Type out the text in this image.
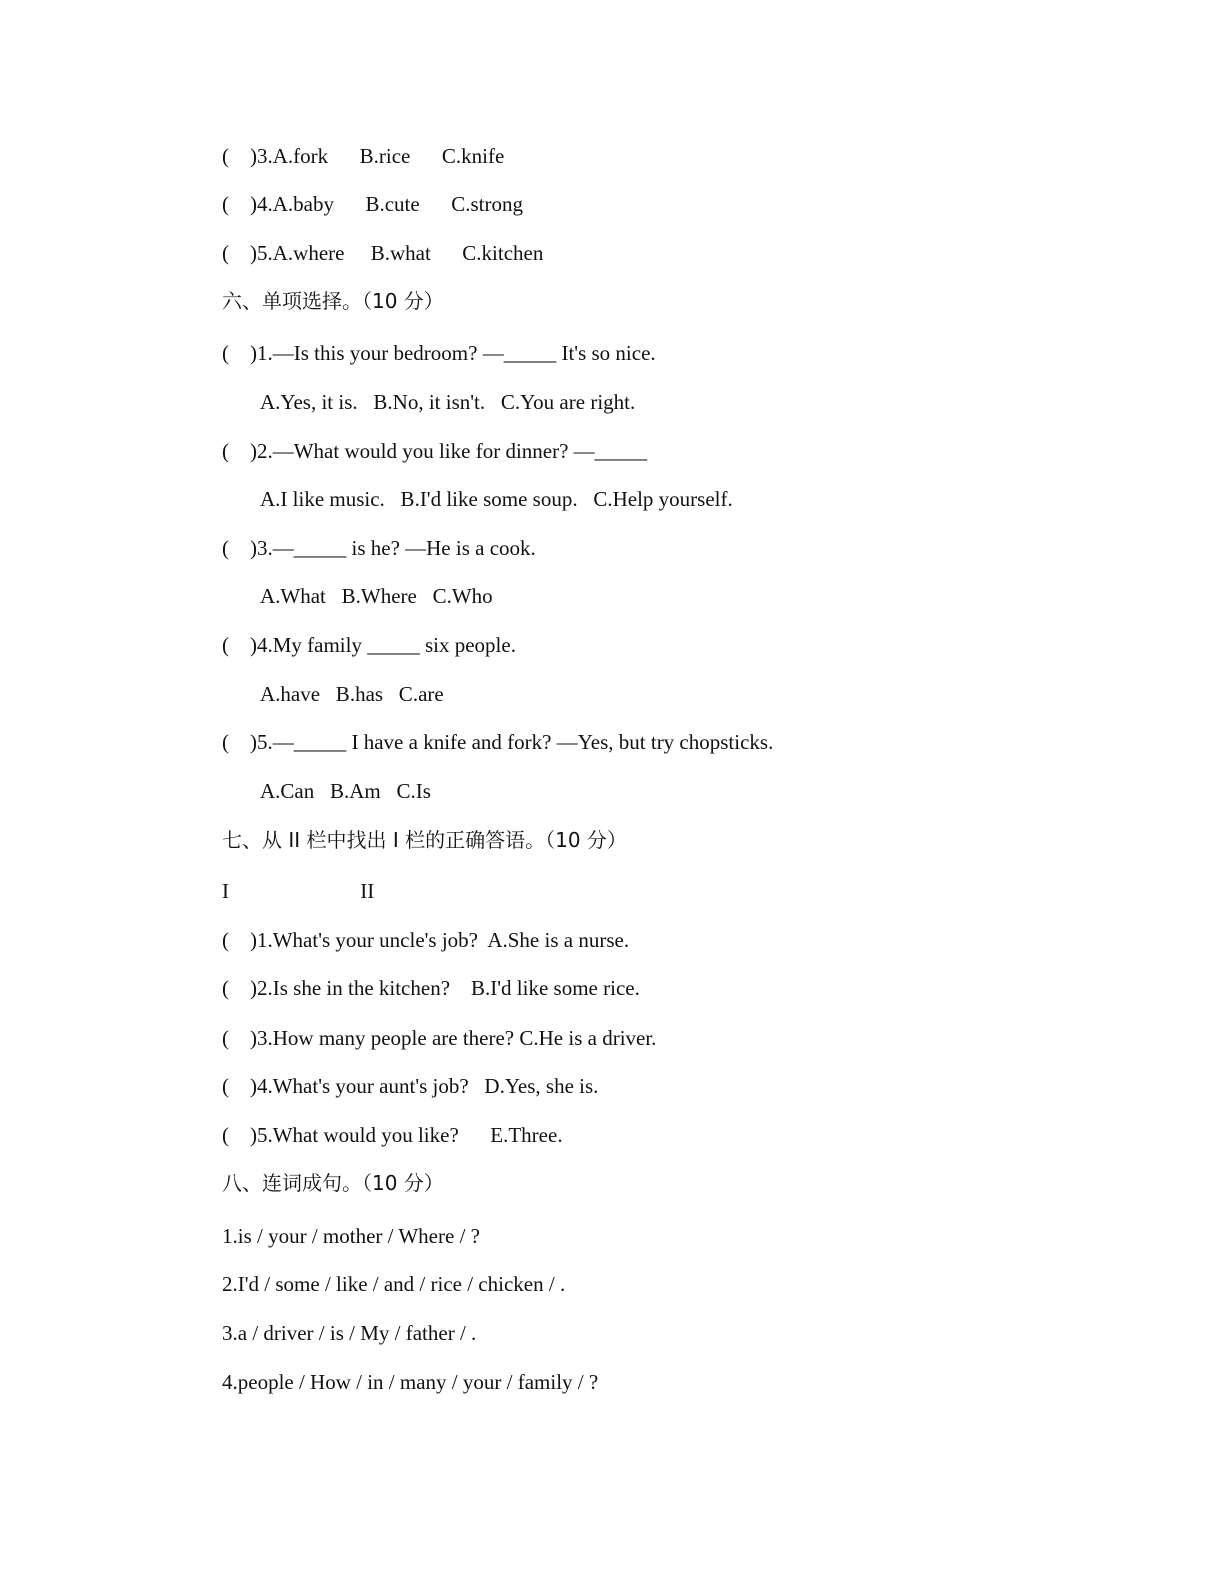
(    )3.A.fork      B.rice      C.knife
(    )4.A.baby      B.cute      C.strong
(    )5.A.where     B.what      C.kitchen
六、单项选择。（10 分）
(    )1.—Is this your bedroom? —_____ It's so nice.
A.Yes, it is.   B.No, it isn't.   C.You are right.
(    )2.—What would you like for dinner? —_____
A.I like music.   B.I'd like some soup.   C.Help yourself.
(    )3.—_____ is he? —He is a cook.
A.What   B.Where   C.Who
(    )4.My family _____ six people.
A.have   B.has   C.are
(    )5.—_____ I have a knife and fork? —Yes, but try chopsticks.
A.Can   B.Am   C.Is
七、从 II 栏中找出 I 栏的正确答语。（10 分）
I                         II
(    )1.What's your uncle's job?  A.She is a nurse.
(    )2.Is she in the kitchen?    B.I'd like some rice.
(    )3.How many people are there? C.He is a driver.
(    )4.What's your aunt's job?   D.Yes, she is.
(    )5.What would you like?      E.Three.
八、连词成句。（10 分）
1.is / your / mother / Where / ?
2.I'd / some / like / and / rice / chicken / .
3.a / driver / is / My / father / .
4.people / How / in / many / your / family / ?
